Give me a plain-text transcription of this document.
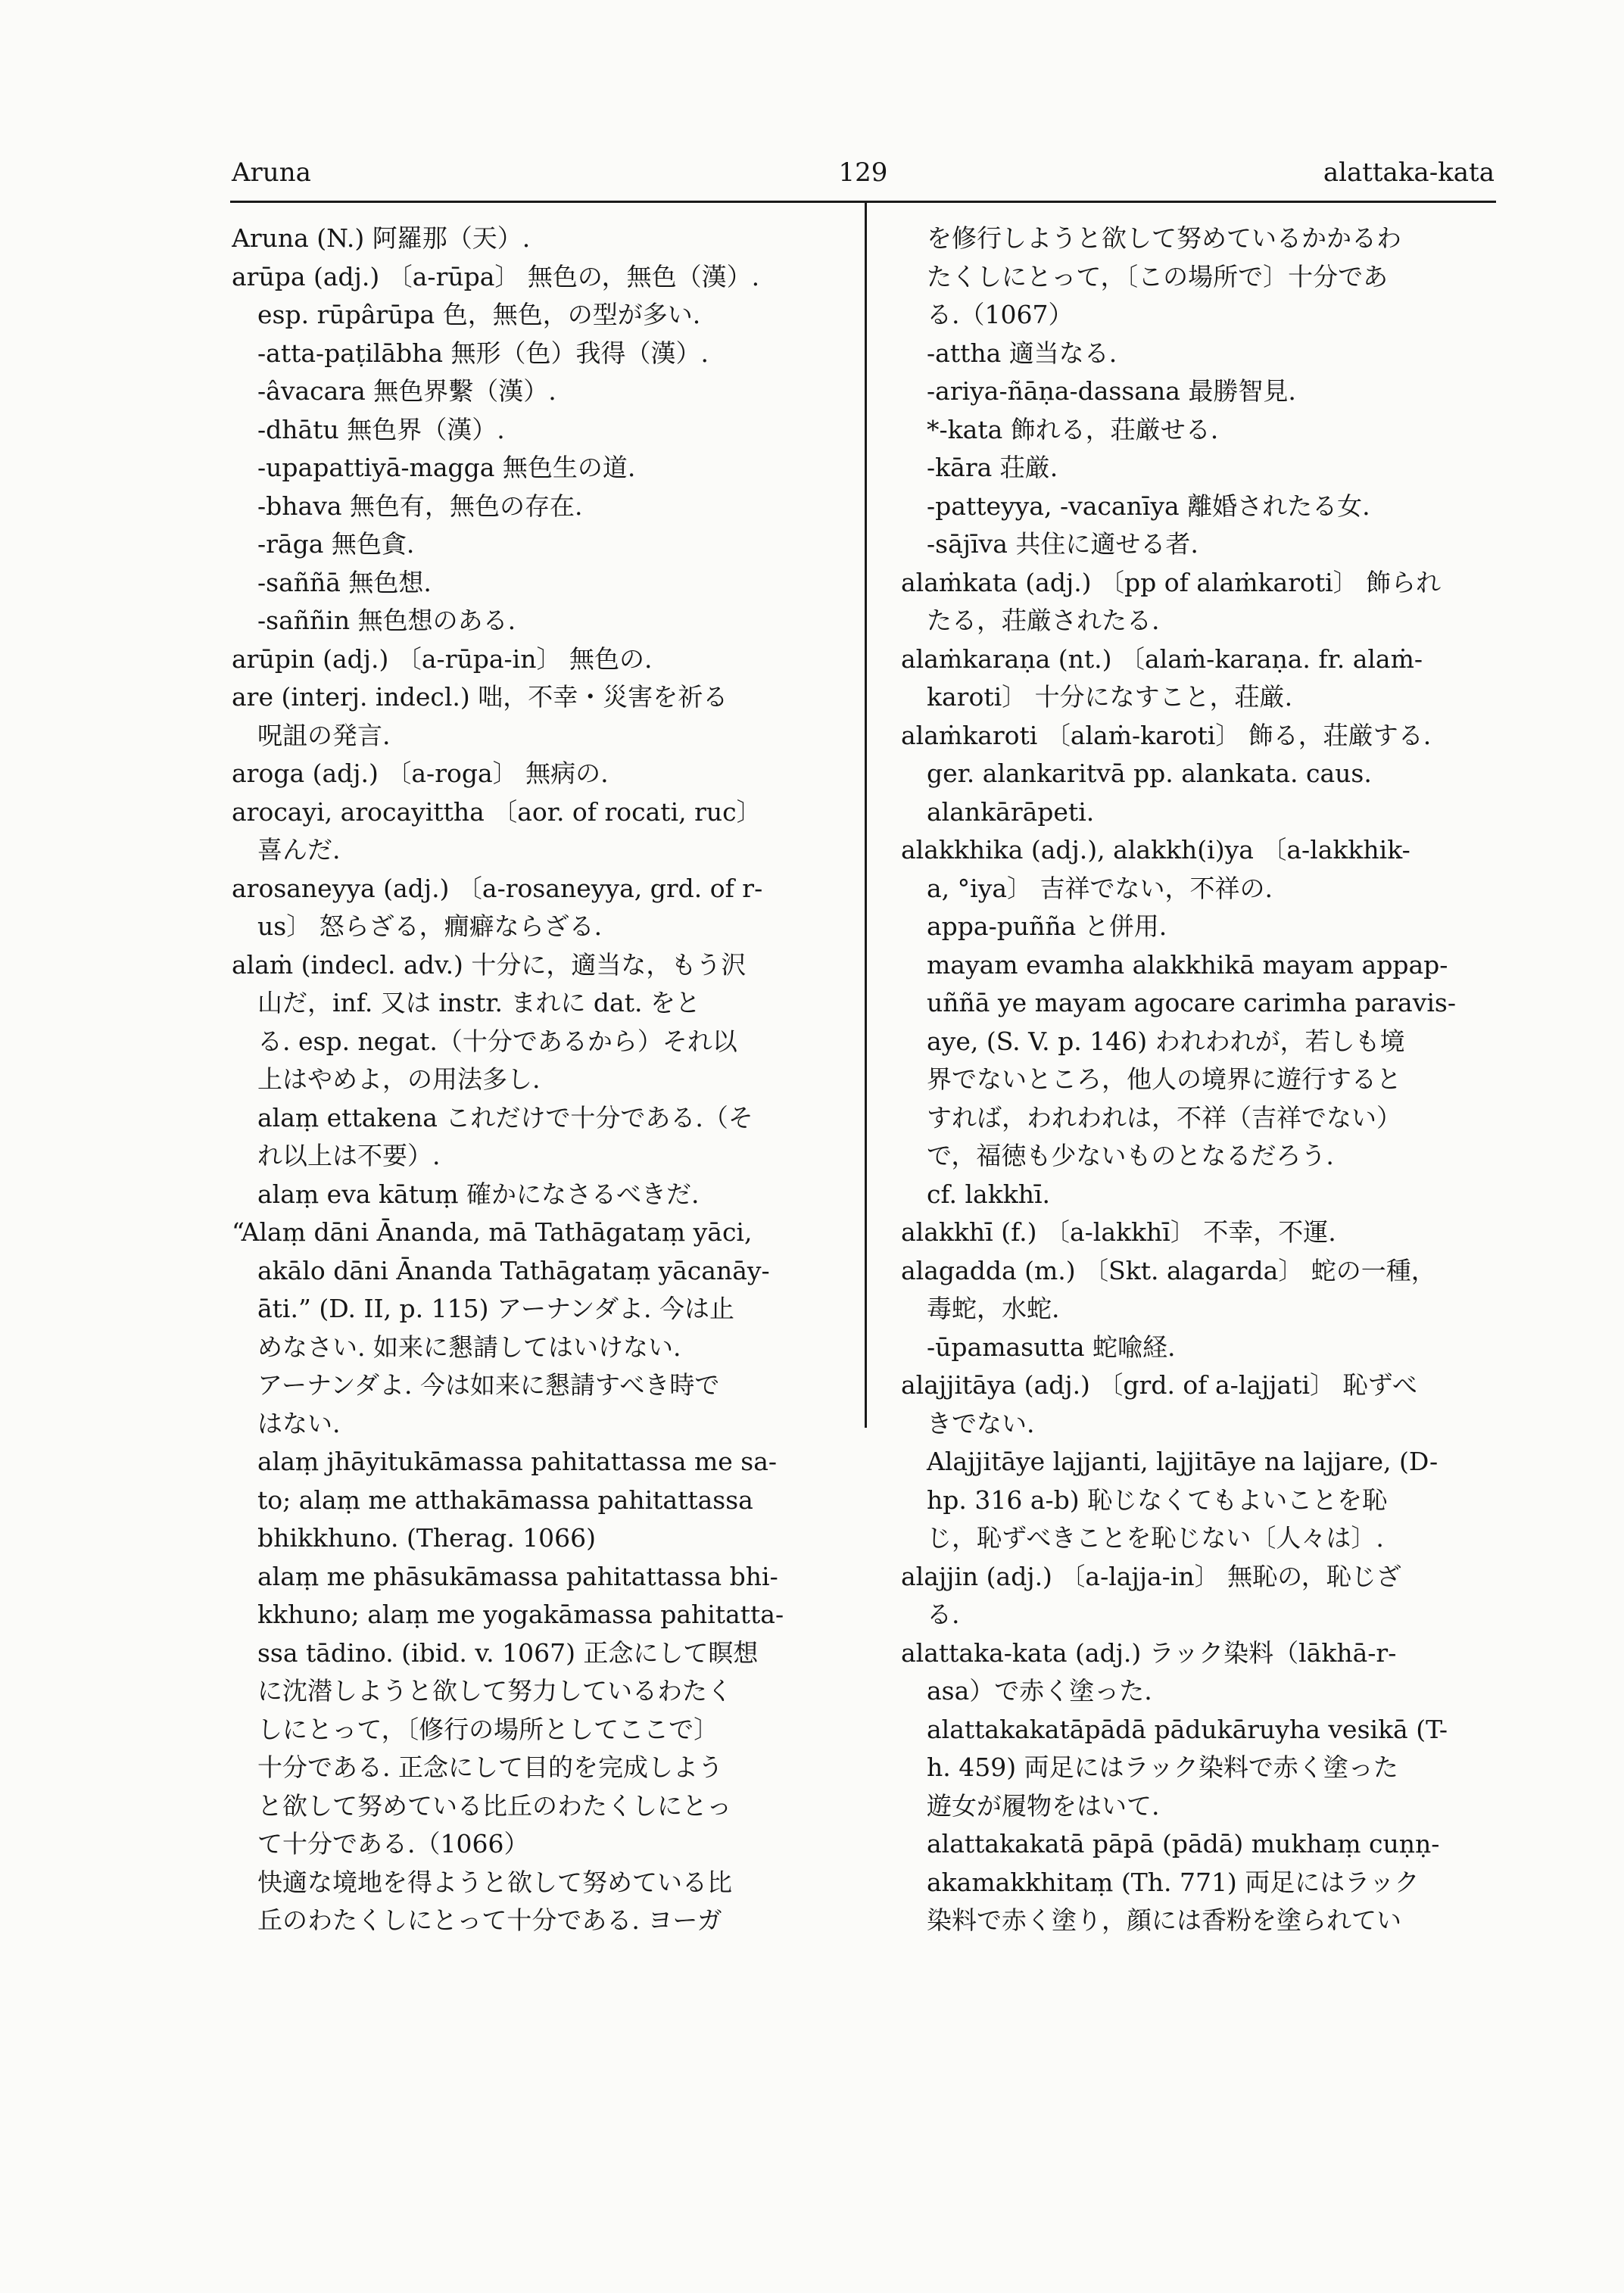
Aruna	129	alattaka-kata
Aruna (N.) 阿羅那（天）.
arūpa (adj.) 〔a-rūpa〕 無色の，無色（漢）.
esp. rūpârūpa 色，無色，の型が多い.
-atta-paṭilābha 無形（色）我得（漢）.
-âvacara 無色界繫（漢）.
-dhātu 無色界（漢）.
-upapattiyā-magga 無色生の道.
-bhava 無色有，無色の存在.
-rāga 無色貪.
-saññā 無色想.
-saññin 無色想のある.
arūpin (adj.) 〔a-rūpa-in〕 無色の.
are (interj. indecl.) 咄，不幸・災害を祈る
呪詛の発言.
aroga (adj.) 〔a-roga〕 無病の.
arocayi, arocayittha 〔aor. of rocati, ruc〕
喜んだ.
arosaneyya (adj.) 〔a-rosaneyya, grd. of r-
us〕 怒らざる，癇癖ならざる.
alaṁ (indecl. adv.) 十分に，適当な，もう沢
山だ，inf. 又は instr. まれに dat. をと
る. esp. negat.（十分であるから）それ以
上はやめよ，の用法多し.
alaṃ ettakena これだけで十分である.（そ
れ以上は不要）.
alaṃ eva kātuṃ 確かになさるべきだ.
“Alaṃ dāni Ānanda, mā Tathāgataṃ yāci,
akālo dāni Ānanda Tathāgataṃ yācanāy-
āti.” (D. II, p. 115) アーナンダよ. 今は止
めなさい. 如来に懇請してはいけない.
アーナンダよ. 今は如来に懇請すべき時で
はない.
alaṃ jhāyitukāmassa pahitattassa me sa-
to; alaṃ me atthakāmassa pahitattassa
bhikkhuno. (Therag. 1066)
alaṃ me phāsukāmassa pahitattassa bhi-
kkhuno; alaṃ me yogakāmassa pahitatta-
ssa tādino. (ibid. v. 1067) 正念にして瞑想
に沈潜しようと欲して努力しているわたく
しにとって，〔修行の場所としてここで〕
十分である. 正念にして目的を完成しよう
と欲して努めている比丘のわたくしにとっ
て十分である.（1066）
快適な境地を得ようと欲して努めている比
丘のわたくしにとって十分である. ヨーガ
を修行しようと欲して努めているかかるわ
たくしにとって，〔この場所で〕十分であ
る.（1067）
-attha 適当なる.
-ariya-ñāṇa-dassana 最勝智見.
*-kata 飾れる，荘厳せる.
-kāra 荘厳.
-patteyya, -vacanīya 離婚されたる女.
-sājīva 共住に適せる者.
alaṁkata (adj.) 〔pp of alaṁkaroti〕 飾られ
たる，荘厳されたる.
alaṁkaraṇa (nt.) 〔alaṁ-karaṇa. fr. alaṁ-
karoti〕 十分になすこと，荘厳.
alaṁkaroti 〔alaṁ-karoti〕 飾る，荘厳する.
ger. alankaritvā pp. alankata. caus.
alankārāpeti.
alakkhika (adj.), alakkh(i)ya 〔a-lakkhik-
a, °iya〕 吉祥でない，不祥の.
appa-puñña と併用.
mayam evamha alakkhikā mayam appap-
uññā ye mayam agocare carimha paravis-
aye, (S. V. p. 146) われわれが，若しも境
界でないところ，他人の境界に遊行すると
すれば，われわれは，不祥（吉祥でない）
で，福徳も少ないものとなるだろう.
cf. lakkhī.
alakkhī (f.) 〔a-lakkhī〕 不幸，不運.
alagadda (m.) 〔Skt. alagarda〕 蛇の一種，
毒蛇，水蛇.
-ūpamasutta 蛇喩経.
alajjitāya (adj.) 〔grd. of a-lajjati〕 恥ずべ
きでない.
Alajjitāye lajjanti, lajjitāye na lajjare, (D-
hp. 316 a-b) 恥じなくてもよいことを恥
じ，恥ずべきことを恥じない〔人々は〕.
alajjin (adj.) 〔a-lajja-in〕 無恥の，恥じざ
る.
alattaka-kata (adj.) ラック染料（lākhā-r-
asa）で赤く塗った.
alattakakatāpādā pādukāruyha vesikā (T-
h. 459) 両足にはラック染料で赤く塗った
遊女が履物をはいて.
alattakakatā pāpā (pādā) mukhaṃ cuṇṇ-
akamakkhitaṃ (Th. 771) 両足にはラック
染料で赤く塗り，顔には香粉を塗られてい
